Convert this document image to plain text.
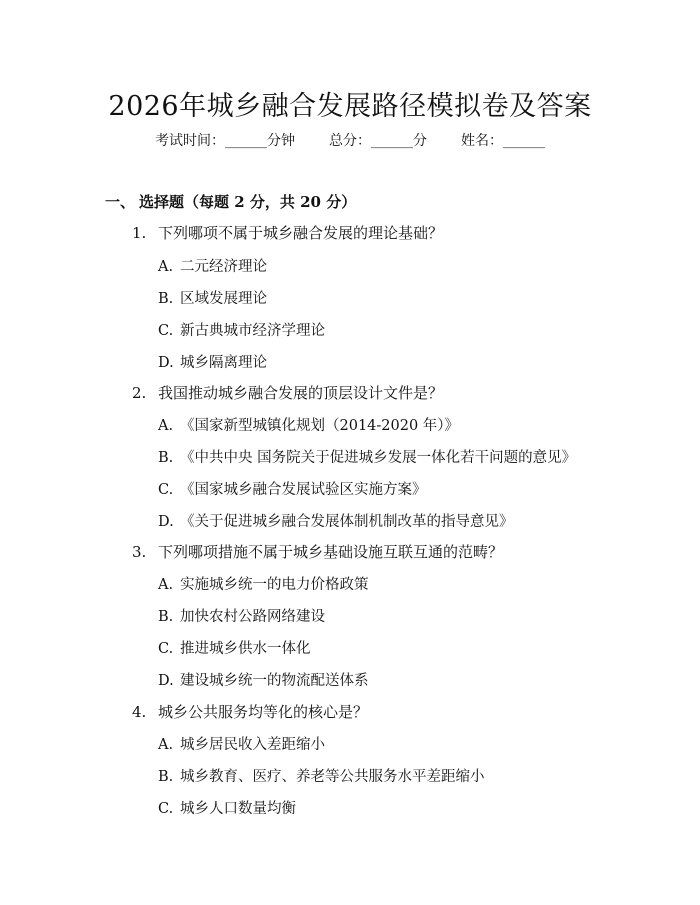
2026年城乡融合发展路径模拟卷及答案
考试时间：______分钟 总分：______分 姓名：______
一、 选择题（每题 2 分，共 20 分）
1. 下列哪项不属于城乡融合发展的理论基础？
A. 二元经济理论
B. 区域发展理论
C. 新古典城市经济学理论
D. 城乡隔离理论
2. 我国推动城乡融合发展的顶层设计文件是？
A. 《国家新型城镇化规划（2014-2020 年）》
B. 《中共中央 国务院关于促进城乡发展一体化若干问题的意见》
C. 《国家城乡融合发展试验区实施方案》
D. 《关于促进城乡融合发展体制机制改革的指导意见》
3. 下列哪项措施不属于城乡基础设施互联互通的范畴？
A. 实施城乡统一的电力价格政策
B. 加快农村公路网络建设
C. 推进城乡供水一体化
D. 建设城乡统一的物流配送体系
4. 城乡公共服务均等化的核心是？
A. 城乡居民收入差距缩小
B. 城乡教育、医疗、养老等公共服务水平差距缩小
C. 城乡人口数量均衡
